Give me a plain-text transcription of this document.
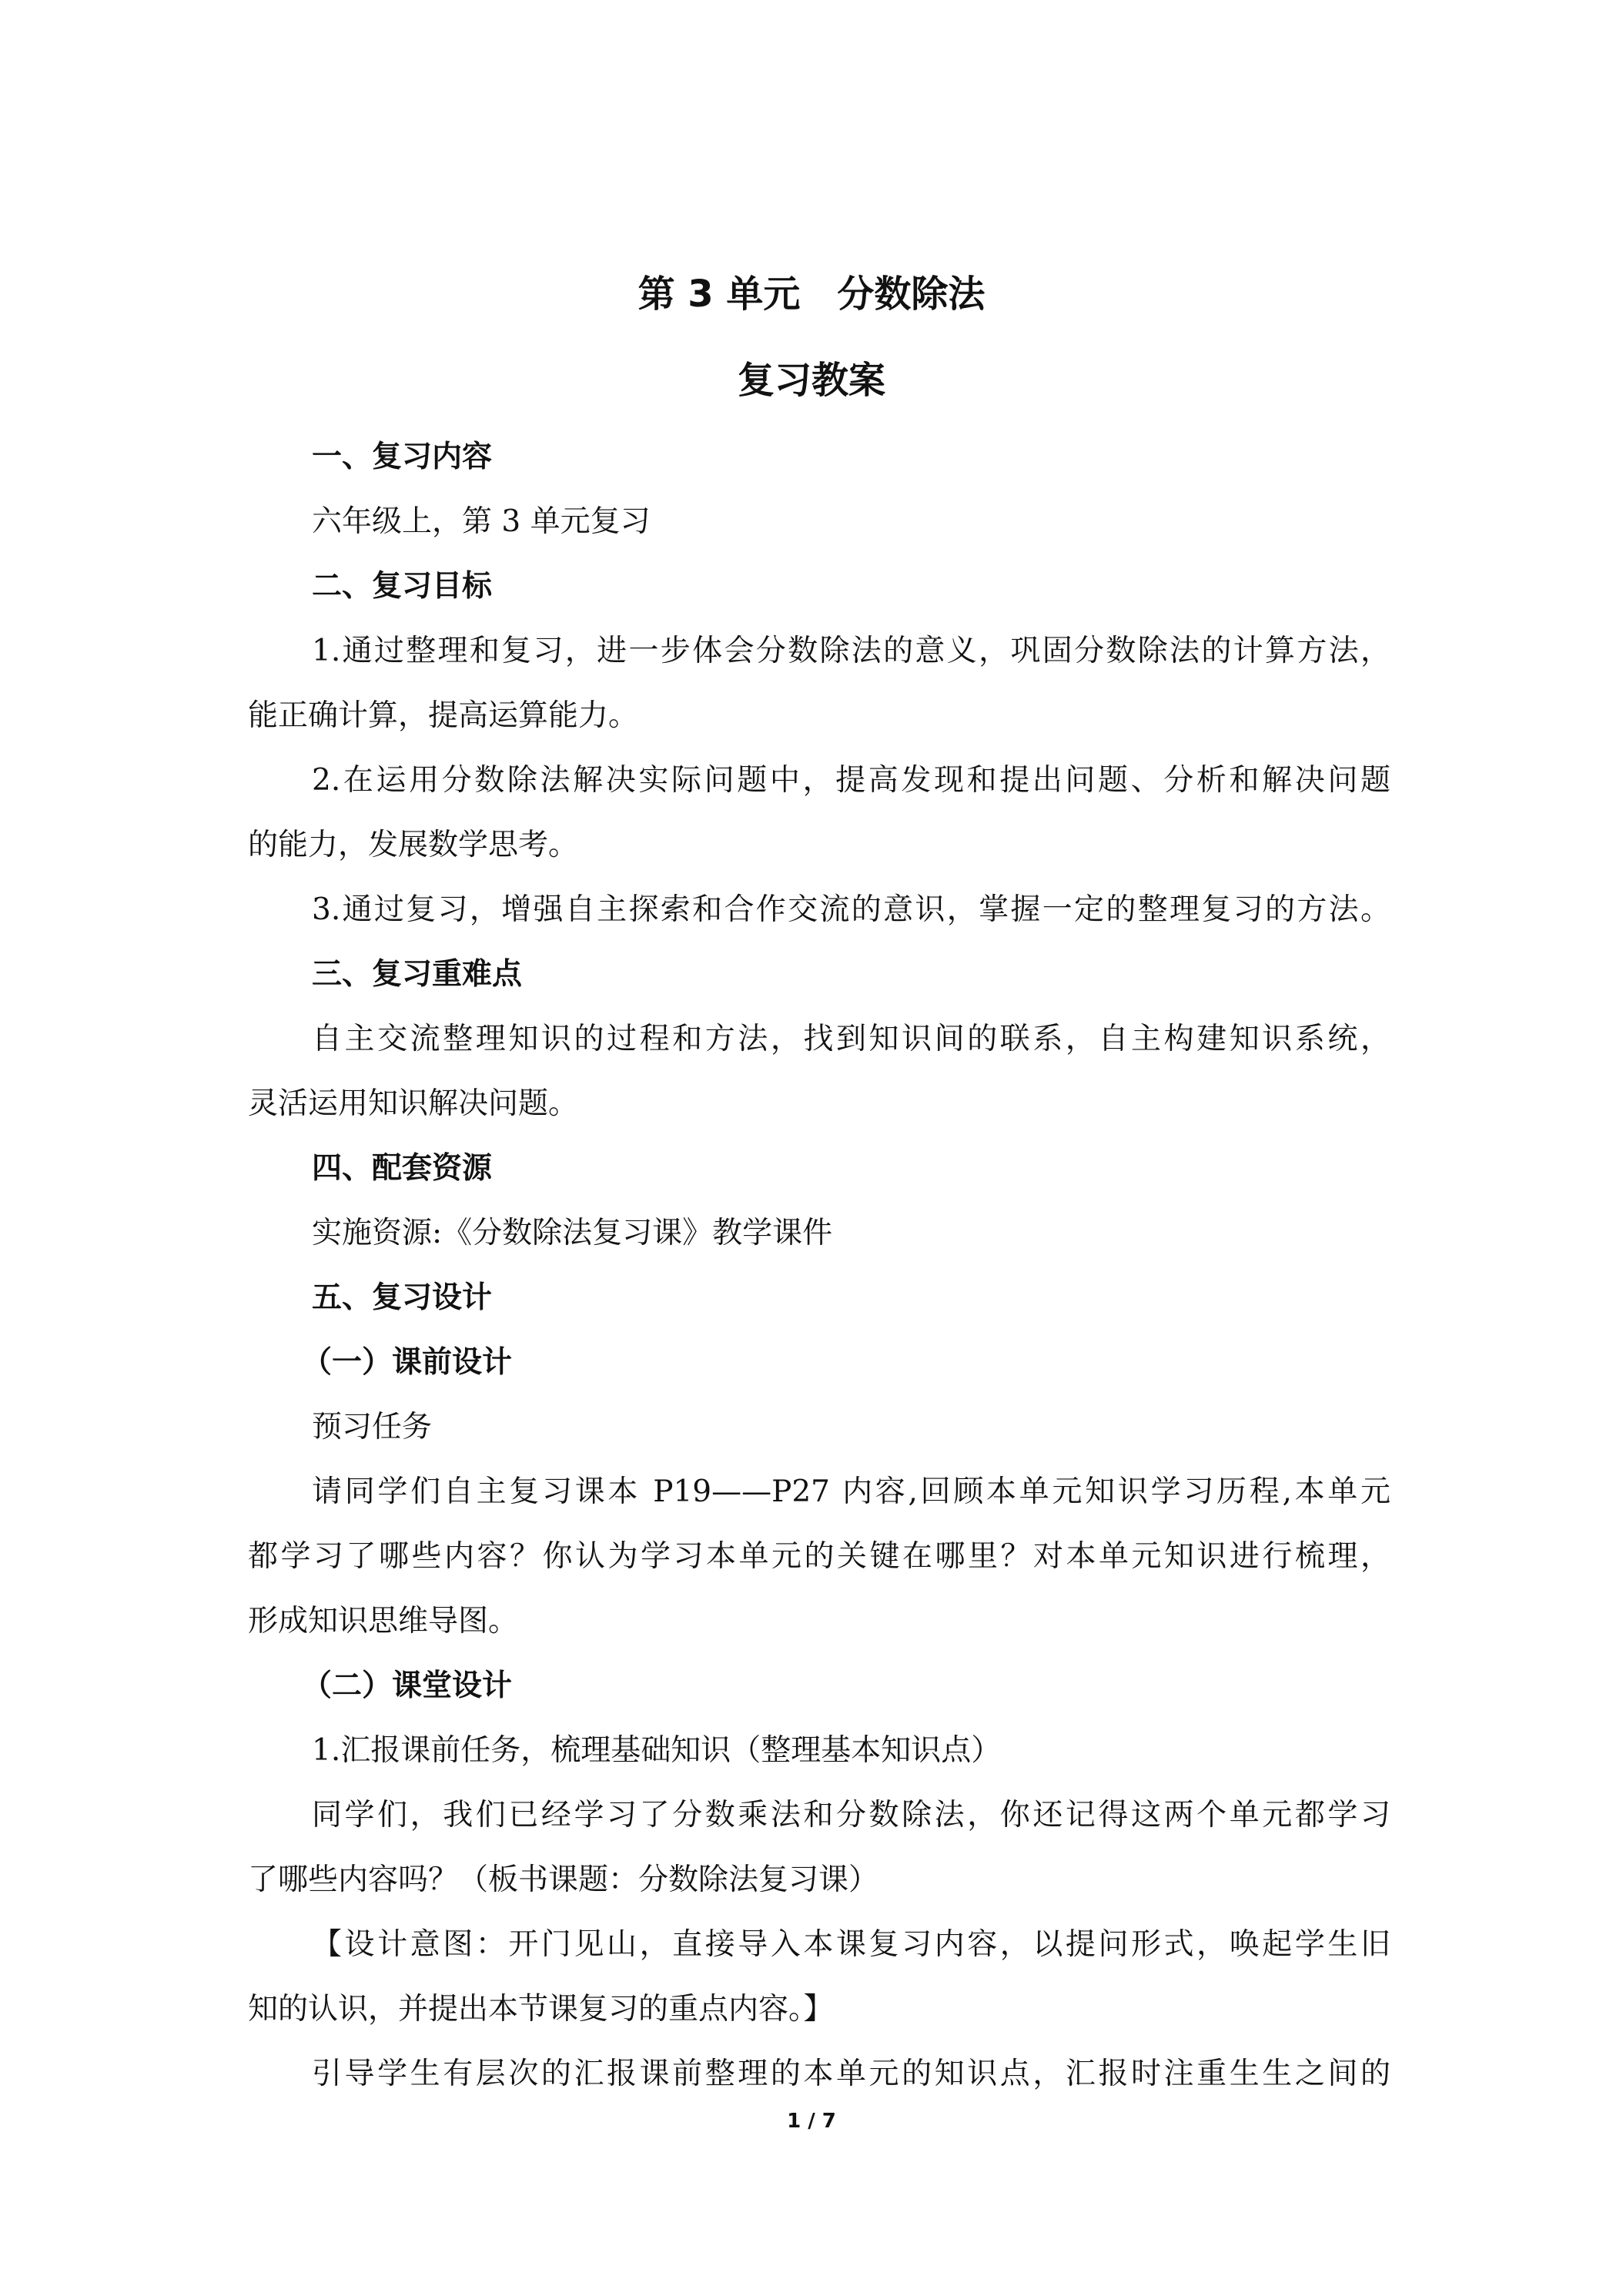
第 3 单元　分数除法
复习教案

一、复习内容

六年级上，第 3 单元复习

二、复习目标

1.通过整理和复习，进一步体会分数除法的意义，巩固分数除法的计算方法，

能正确计算，提高运算能力。

2.在运用分数除法解决实际问题中，提高发现和提出问题、分析和解决问题

的能力，发展数学思考。

3.通过复习，增强自主探索和合作交流的意识，掌握一定的整理复习的方法。

三、复习重难点

自主交流整理知识的过程和方法，找到知识间的联系，自主构建知识系统，

灵活运用知识解决问题。

四、配套资源

实施资源:《分数除法复习课》教学课件

五、复习设计

（一）课前设计

预习任务

请同学们自主复习课本 P19——P27 内容,回顾本单元知识学习历程,本单元

都学习了哪些内容？你认为学习本单元的关键在哪里？对本单元知识进行梳理，

形成知识思维导图。

（二）课堂设计

1.汇报课前任务，梳理基础知识（整理基本知识点）

同学们，我们已经学习了分数乘法和分数除法，你还记得这两个单元都学习

了哪些内容吗？（板书课题：分数除法复习课）

【设计意图：开门见山，直接导入本课复习内容，以提问形式，唤起学生旧

知的认识，并提出本节课复习的重点内容。】

引导学生有层次的汇报课前整理的本单元的知识点，汇报时注重生生之间的

1 / 7
